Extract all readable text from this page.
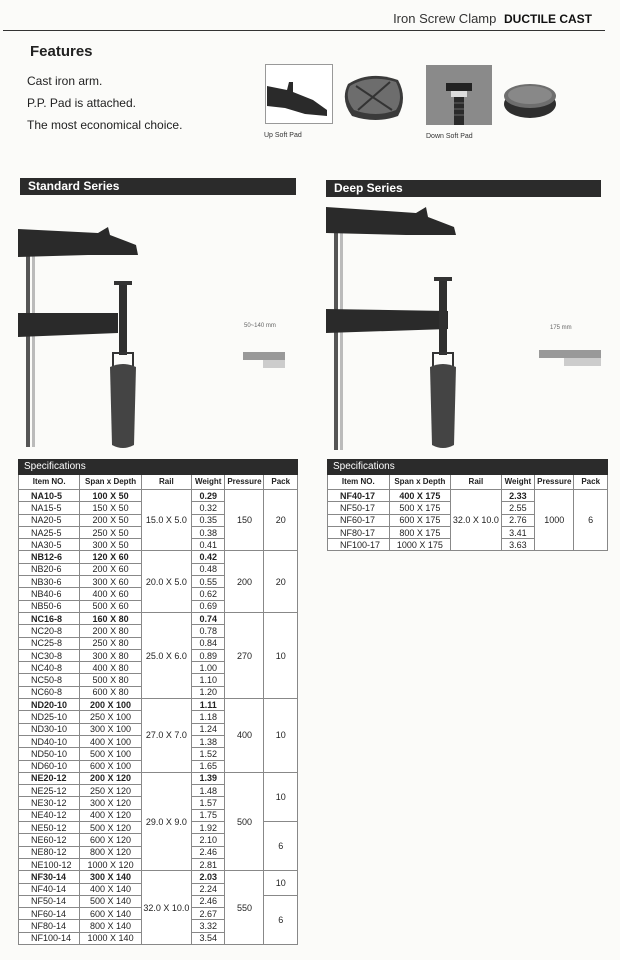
Iron Screw Clamp DUCTILE CAST
Features
Cast iron arm.
P.P. Pad is attached.
The most economical choice.
Up Soft Pad	Down Soft Pad
Standard Series	Deep Series
50~140 mm	175 mm
Specifications					
Item NO.	Span x Depth	Rail	Weight	Pressure	Pack
NA10-5	100 X 50	15.0 X 5.0	0.29	150	20
NA15-5	150 X 50		0.32		
NA20-5	200 X 50		0.35		
NA25-5	250 X 50		0.38		
NA30-5	300 X 50		0.41		
NB12-6	120 X 60	20.0 X 5.0	0.42	200	20
NB20-6	200 X 60		0.48		
NB30-6	300 X 60		0.55		
NB40-6	400 X 60		0.62		
NB50-6	500 X 60		0.69		
NC16-8	160 X 80	25.0 X 6.0	0.74	270	10
NC20-8	200 X 80		0.78		
NC25-8	250 X 80		0.84		
NC30-8	300 X 80		0.89		
NC40-8	400 X 80		1.00		
NC50-8	500 X 80		1.10		
NC60-8	600 X 80		1.20		
ND20-10	200 X 100	27.0 X 7.0	1.11	400	10
ND25-10	250 X 100		1.18		
ND30-10	300 X 100		1.24		
ND40-10	400 X 100		1.38		
ND50-10	500 X 100		1.52		
ND60-10	600 X 100		1.65		
NE20-12	200 X 120	29.0 X 9.0	1.39	500	10
NE25-12	250 X 120		1.48		
NE30-12	300 X 120		1.57		
NE40-12	400 X 120		1.75		
NE50-12	500 X 120		1.92		6
NE60-12	600 X 120		2.10		
NE80-12	800 X 120		2.46		
NE100-12	1000 X 120		2.81		
NF30-14	300 X 140	32.0 X 10.0	2.03	550	10
NF40-14	400 X 140		2.24		
NF50-14	500 X 140		2.46		6
NF60-14	600 X 140		2.67		
NF80-14	800 X 140		3.32		
NF100-14	1000 X 140		3.54		
Specifications					
Item NO.	Span x Depth	Rail	Weight	Pressure	Pack
NF40-17	400 X 175	32.0 X 10.0	2.33	1000	6
NF50-17	500 X 175		2.55		
NF60-17	600 X 175		2.76		
NF80-17	800 X 175		3.41		
NF100-17	1000 X 175		3.63		
